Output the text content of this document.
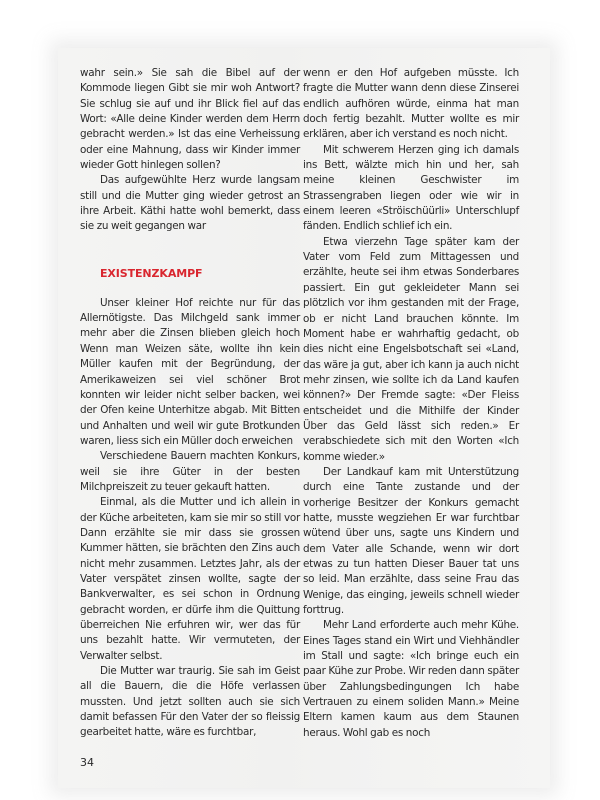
wahr sein.» Sie sah die Bibel auf der Kommode liegen Gibt sie mir woh Antwort? Sie schlug sie auf und ihr Blick fiel auf das Wort: «Alle deine Kinder werden dem Herrn gebracht werden.» Ist das eine Verheissung oder eine Mahnung, dass wir Kinder immer wieder Gott hinlegen sollen?

Das aufgewühlte Herz wurde langsam still und die Mutter ging wieder getrost an ihre Arbeit. Käthi hatte wohl bemerkt, dass sie zu weit gegangen war

EXISTENZKAMPF

Unser kleiner Hof reichte nur für das Allernötigste. Das Milchgeld sank immer mehr aber die Zinsen blieben gleich hoch Wenn man Weizen säte, wollte ihn kein Müller kaufen mit der Begründung, der Amerikaweizen sei viel schöner Brot konnten wir leider nicht selber backen, wei der Ofen keine Unterhitze abgab. Mit Bitten und Anhalten und weil wir gute Brotkunden waren, liess sich ein Müller doch erweichen

Verschiedene Bauern machten Konkurs, weil sie ihre Güter in der besten Milchpreiszeit zu teuer gekauft hatten.

Einmal, als die Mutter und ich allein in der Küche arbeiteten, kam sie mir so still vor Dann erzählte sie mir dass sie grossen Kummer hätten, sie brächten den Zins auch nicht mehr zusammen. Letztes Jahr, als der Vater verspätet zinsen wollte, sagte der Bankverwalter, es sei schon in Ordnung gebracht worden, er dürfe ihm die Quittung überreichen Nie erfuhren wir, wer das für uns bezahlt hatte. Wir vermuteten, der Verwalter selbst.

Die Mutter war traurig. Sie sah im Geist all die Bauern, die die Höfe verlassen mussten. Und jetzt sollten auch sie sich damit befassen Für den Vater der so fleissig gearbeitet hatte, wäre es furchtbar,

wenn er den Hof aufgeben müsste. Ich fragte die Mutter wann denn diese Zinserei endlich aufhören würde, einma hat man doch fertig bezahlt. Mutter wollte es mir erklären, aber ich verstand es noch nicht.

Mit schwerem Herzen ging ich damals ins Bett, wälzte mich hin und her, sah meine kleinen Geschwister im Strassengraben liegen oder wie wir in einem leeren «Ströischüürli» Unterschlupf fänden. Endlich schlief ich ein.

Etwa vierzehn Tage später kam der Vater vom Feld zum Mittagessen und erzählte, heute sei ihm etwas Sonderbares passiert. Ein gut gekleideter Mann sei plötzlich vor ihm gestanden mit der Frage, ob er nicht Land brauchen könnte. Im Moment habe er wahrhaftig gedacht, ob dies nicht eine Engelsbotschaft sei «Land, das wäre ja gut, aber ich kann ja auch nicht mehr zinsen, wie sollte ich da Land kaufen können?» Der Fremde sagte: «Der Fleiss entscheidet und die Mithilfe der Kinder Über das Geld lässt sich reden.» Er verabschiedete sich mit den Worten «Ich komme wieder.»

Der Landkauf kam mit Unterstützung durch eine Tante zustande und der vorherige Besitzer der Konkurs gemacht hatte, musste wegziehen Er war furchtbar wütend über uns, sagte uns Kindern und dem Vater alle Schande, wenn wir dort etwas zu tun hatten Dieser Bauer tat uns so leid. Man erzählte, dass seine Frau das Wenige, das einging, jeweils schnell wieder forttrug.

Mehr Land erforderte auch mehr Kühe. Eines Tages stand ein Wirt und Viehhändler im Stall und sagte: «Ich bringe euch ein paar Kühe zur Probe. Wir reden dann später über Zahlungsbedingungen Ich habe Vertrauen zu einem soliden Mann.» Meine Eltern kamen kaum aus dem Staunen heraus. Wohl gab es noch

34
